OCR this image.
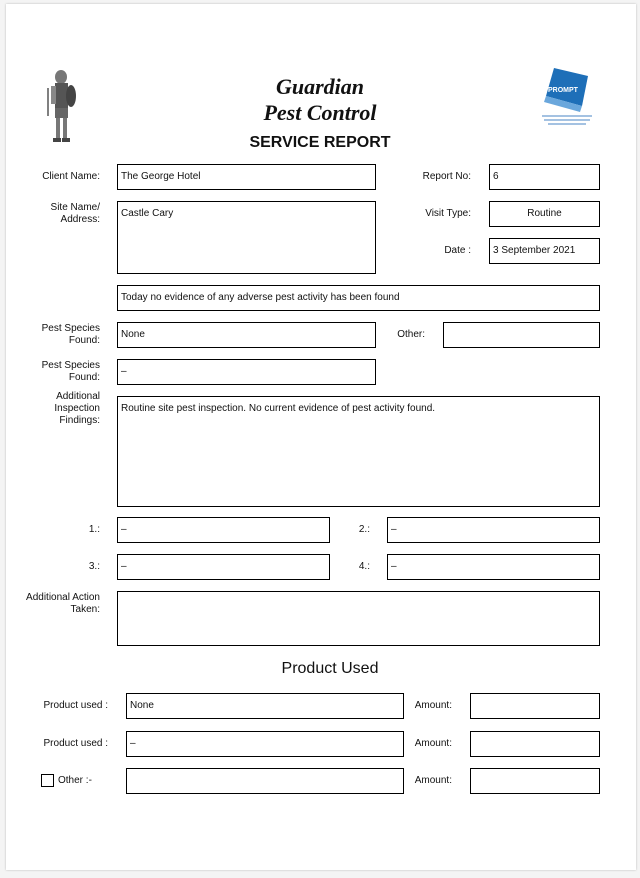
Guardian
Pest Control
SERVICE REPORT
PROMPT
Client Name:	The George Hotel	Report No:	6
Site Name/ Address:
Castle Cary	Visit Type:	Routine
Date :	3 September 2021
Today no evidence of any adverse pest activity has been found
Pest Species Found:
None	Other:
Pest Species Found:
–
Additional Inspection Findings:
Routine site pest inspection. No current evidence of pest activity found.
1.:	–	2.:	–
3.:	–	4.:	–
Additional Action Taken:
Product Used
Product used :	None	Amount:
Product used :	–	Amount:
Other :-	Amount:
